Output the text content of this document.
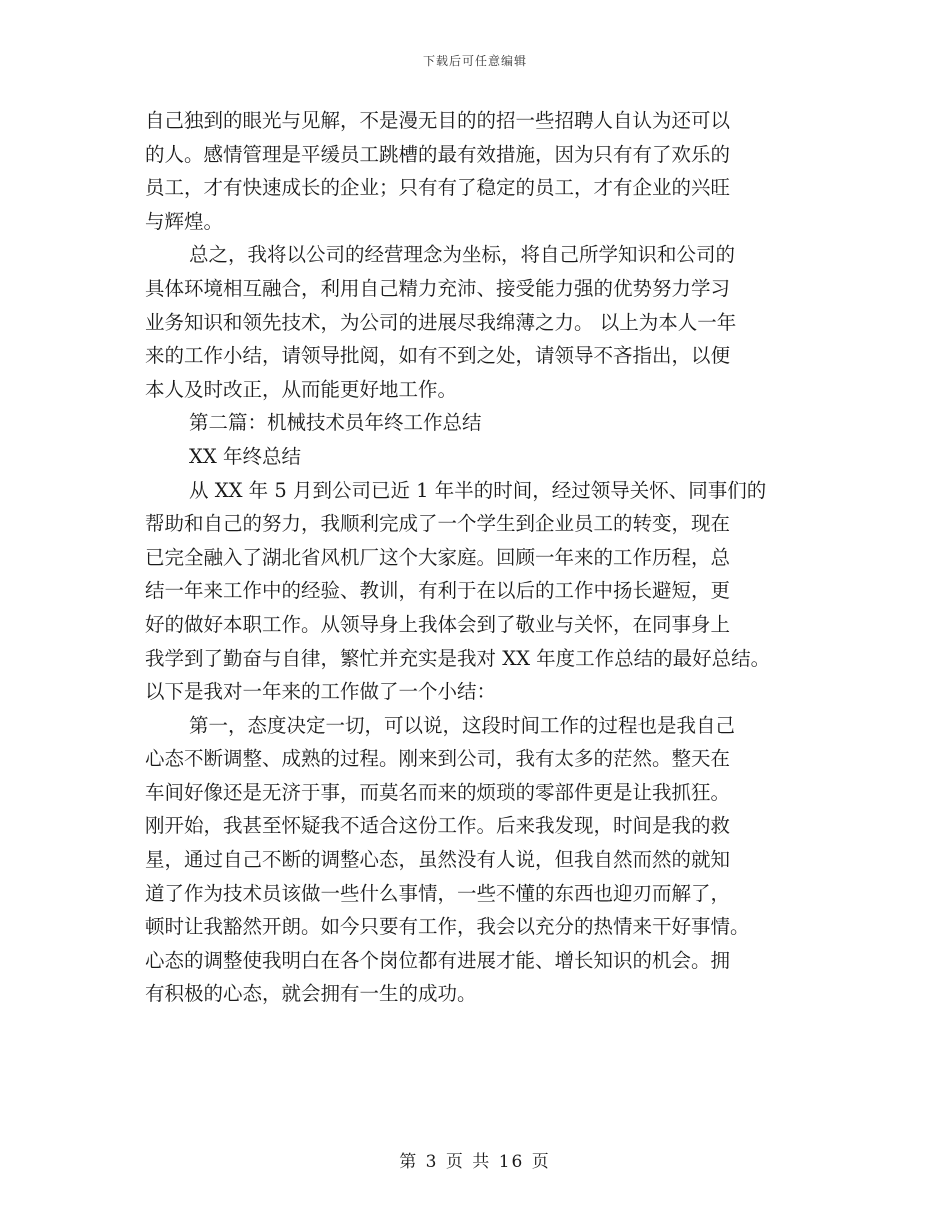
下载后可任意编辑
自己独到的眼光与见解，不是漫无目的的招一些招聘人自认为还可以
的人。感情管理是平缓员工跳槽的最有效措施，因为只有有了欢乐的
员工，才有快速成长的企业；只有有了稳定的员工，才有企业的兴旺
与辉煌。
总之，我将以公司的经营理念为坐标，将自己所学知识和公司的
具体环境相互融合，利用自己精力充沛、接受能力强的优势努力学习
业务知识和领先技术，为公司的进展尽我绵薄之力。 以上为本人一年
来的工作小结，请领导批阅，如有不到之处，请领导不吝指出，以便
本人及时改正，从而能更好地工作。
第二篇：机械技术员年终工作总结
XX 年终总结
从 XX 年 5 月到公司已近 1 年半的时间，经过领导关怀、同事们的
帮助和自己的努力，我顺利完成了一个学生到企业员工的转变，现在
已完全融入了湖北省风机厂这个大家庭。回顾一年来的工作历程，总
结一年来工作中的经验、教训，有利于在以后的工作中扬长避短，更
好的做好本职工作。从领导身上我体会到了敬业与关怀，在同事身上
我学到了勤奋与自律，繁忙并充实是我对 XX 年度工作总结的最好总结。
以下是我对一年来的工作做了一个小结：
第一，态度决定一切，可以说，这段时间工作的过程也是我自己
心态不断调整、成熟的过程。刚来到公司，我有太多的茫然。整天在
车间好像还是无济于事，而莫名而来的烦琐的零部件更是让我抓狂。
刚开始，我甚至怀疑我不适合这份工作。后来我发现，时间是我的救
星，通过自己不断的调整心态，虽然没有人说，但我自然而然的就知
道了作为技术员该做一些什么事情，一些不懂的东西也迎刃而解了，
顿时让我豁然开朗。如今只要有工作，我会以充分的热情来干好事情。
心态的调整使我明白在各个岗位都有进展才能、增长知识的机会。拥
有积极的心态，就会拥有一生的成功。
第 3 页 共 16 页
